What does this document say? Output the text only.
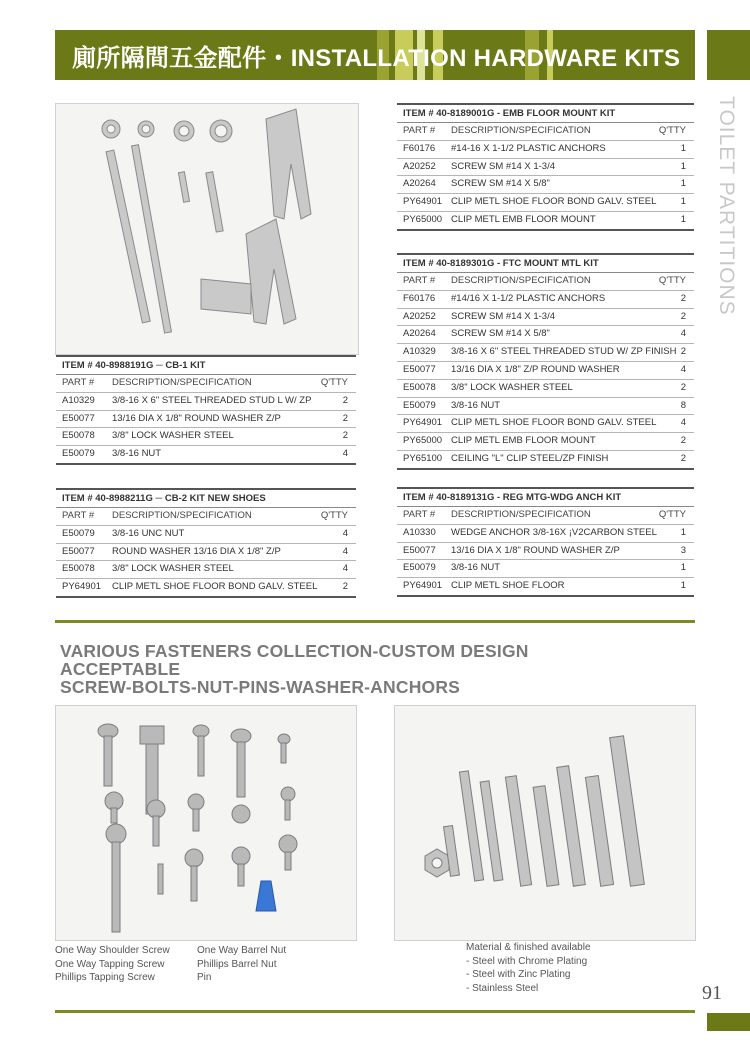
廁所隔間五金配件・INSTALLATION HARDWARE KITS
TOILET PARTITIONS
ITEM # 40-8988191G ─ CB-1 KIT
PART # DESCRIPTION/SPECIFICATION	Q'TTY
A10329 3/8-16 X 6" STEEL THREADED STUD L W/ ZP	2
E50077 13/16 DIA X 1/8" ROUND WASHER Z/P	2
E50078 3/8" LOCK WASHER STEEL	2
E50079 3/8-16 NUT	4
ITEM # 40-8988211G ─ CB-2 KIT NEW SHOES
PART # DESCRIPTION/SPECIFICATION	Q'TTY
E50079 3/8-16 UNC NUT	4
E50077 ROUND WASHER 13/16 DIA X 1/8" Z/P	4
E50078 3/8" LOCK WASHER STEEL	4
PY64901 CLIP METL SHOE FLOOR BOND GALV. STEEL	2
ITEM # 40-8189001G - EMB FLOOR MOUNT KIT
PART # DESCRIPTION/SPECIFICATION	Q'TTY
F60176 #14-16 X 1-1/2 PLASTIC ANCHORS	1
A20252 SCREW SM #14 X 1-3/4	1
A20264 SCREW SM #14 X 5/8"	1
PY64901 CLIP METL SHOE FLOOR BOND GALV. STEEL	1
PY65000 CLIP METL EMB FLOOR MOUNT	1
ITEM # 40-8189301G - FTC MOUNT MTL KIT
PART # DESCRIPTION/SPECIFICATION	Q'TTY
F60176 #14/16 X 1-1/2 PLASTIC ANCHORS	2
A20252 SCREW SM #14 X 1-3/4	2
A20264 SCREW SM #14 X 5/8"	4
A10329 3/8-16 X 6" STEEL THREADED STUD W/ ZP FINISH 2
E50077 13/16 DIA X 1/8" Z/P ROUND WASHER	4
E50078 3/8" LOCK WASHER STEEL	2
E50079 3/8-16 NUT	8
PY64901 CLIP METL SHOE FLOOR BOND GALV. STEEL	4
PY65000 CLIP METL EMB FLOOR MOUNT	2
PY65100 CEILING "L" CLIP STEEL/ZP FINISH	2
ITEM # 40-8189131G - REG MTG-WDG ANCH KIT
PART # DESCRIPTION/SPECIFICATION	Q'TTY
A10330 WEDGE ANCHOR 3/8-16X ¡V2CARBON STEEL	1
E50077 13/16 DIA X 1/8" ROUND WASHER Z/P	3
E50079 3/8-16 NUT	1
PY64901 CLIP METL SHOE FLOOR	1
VARIOUS FASTENERS COLLECTION-CUSTOM DESIGN
ACCEPTABLE
SCREW-BOLTS-NUT-PINS-WASHER-ANCHORS
One Way Shoulder Screw
One Way Tapping Screw
Phillips Tapping Screw
One Way Barrel Nut
Phillips Barrel Nut
Pin
Material & finished available
- Steel with Chrome Plating
- Steel with Zinc Plating
- Stainless Steel	91
